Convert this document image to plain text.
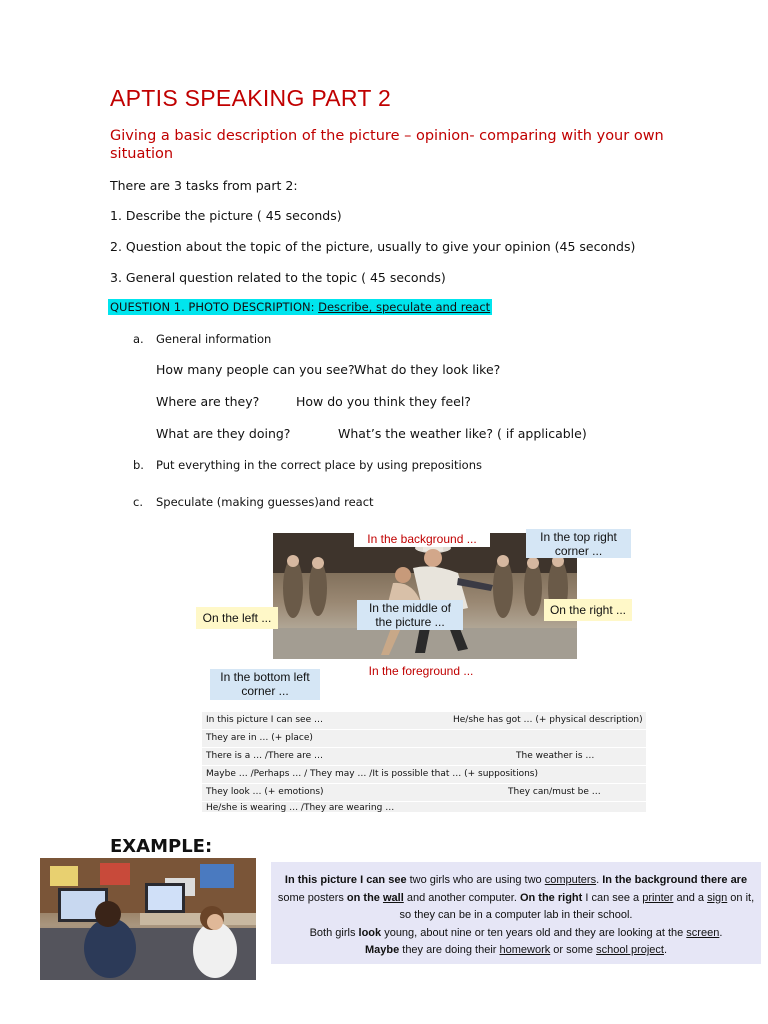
APTIS SPEAKING PART 2
Giving a basic description of the picture – opinion- comparing with your own situation
There are 3 tasks from part 2:
1. Describe the picture ( 45 seconds)
2. Question about the topic of the picture, usually to give your opinion (45 seconds)
3. General question related to the topic ( 45 seconds)
QUESTION 1. PHOTO DESCRIPTION: Describe, speculate and react
a. General information
How many people can you see? What do they look like?
Where are they?	How do you think they feel?
What are they doing?	What’s the weather like? ( if applicable)
b. Put everything in the correct place by using prepositions
c. Speculate (making guesses)and react
In the background ...	In the top right
corner ...
On the left ...
In the middle of
the picture ...
On the right ...
In the bottom left
corner ...
In the foreground ...
In this picture I can see …	He/she has got … (+ physical description)
They are in … (+ place)
There is a … /There are …	The weather is …
Maybe … /Perhaps … / They may … /It is possible that … (+ suppositions)
They look … (+ emotions)	They can/must be …
He/she is wearing … /They are wearing …
EXAMPLE:
In this picture I can see two girls who are using two computers. In the background there are some posters on the wall and another computer. On the right I can see a printer and a sign on it, so they can be in a computer lab in their school.
Both girls look young, about nine or ten years old and they are looking at the screen.
Maybe they are doing their homework or some school project.
